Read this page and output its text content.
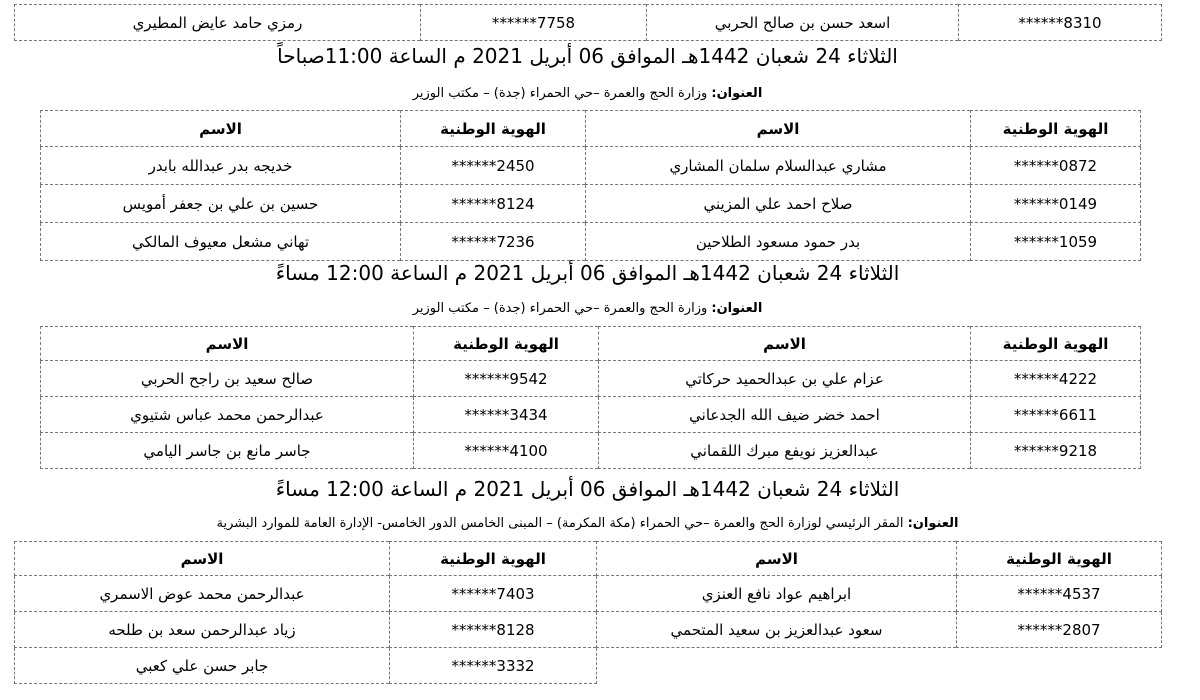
******8310	اسعد حسن بن صالح الحربي	******7758	رمزي حامد عايض المطيري
الثلاثاء 24 شعبان 1442هـ الموافق 06 أبريل 2021 م الساعة 11:00صباحاً
العنوان: وزارة الحج والعمرة –حي الحمراء (جدة) – مكتب الوزير
الهوية الوطنية	الاسم	الهوية الوطنية	الاسم
******0872	مشاري عبدالسلام سلمان المشاري	******2450	خديجه بدر عبدالله بابدر
******0149	صلاح احمد علي المزيني	******8124	حسين بن علي بن جعفر أمويس
******1059	بدر حمود مسعود الطلاحين	******7236	تهاني مشعل معيوف المالكي
الثلاثاء 24 شعبان 1442هـ الموافق 06 أبريل 2021 م الساعة 12:00 مساءً
العنوان: وزارة الحج والعمرة –حي الحمراء (جدة) – مكتب الوزير
الهوية الوطنية	الاسم	الهوية الوطنية	الاسم
******4222	عزام علي بن عبدالحميد حركاتي	******9542	صالح سعيد بن راجح الحربي
******6611	احمد خضر ضيف الله الجدعاني	******3434	عبدالرحمن محمد عباس شتيوي
******9218	عبدالعزيز نويفع مبرك اللقماني	******4100	جاسر مانع بن جاسر اليامي
الثلاثاء 24 شعبان 1442هـ الموافق 06 أبريل 2021 م الساعة 12:00 مساءً
العنوان: المقر الرئيسي لوزارة الحج والعمرة –حي الحمراء (مكة المكرمة) – المبنى الخامس الدور الخامس- الإدارة العامة للموارد البشرية
الهوية الوطنية	الاسم	الهوية الوطنية	الاسم
******4537	ابراهيم عواد نافع العنزي	******7403	عبدالرحمن محمد عوض الاسمري
******2807	سعود عبدالعزيز بن سعيد المتحمي	******8128	زياد عبدالرحمن سعد بن طلحه
		******3332	جابر حسن علي كعبي
